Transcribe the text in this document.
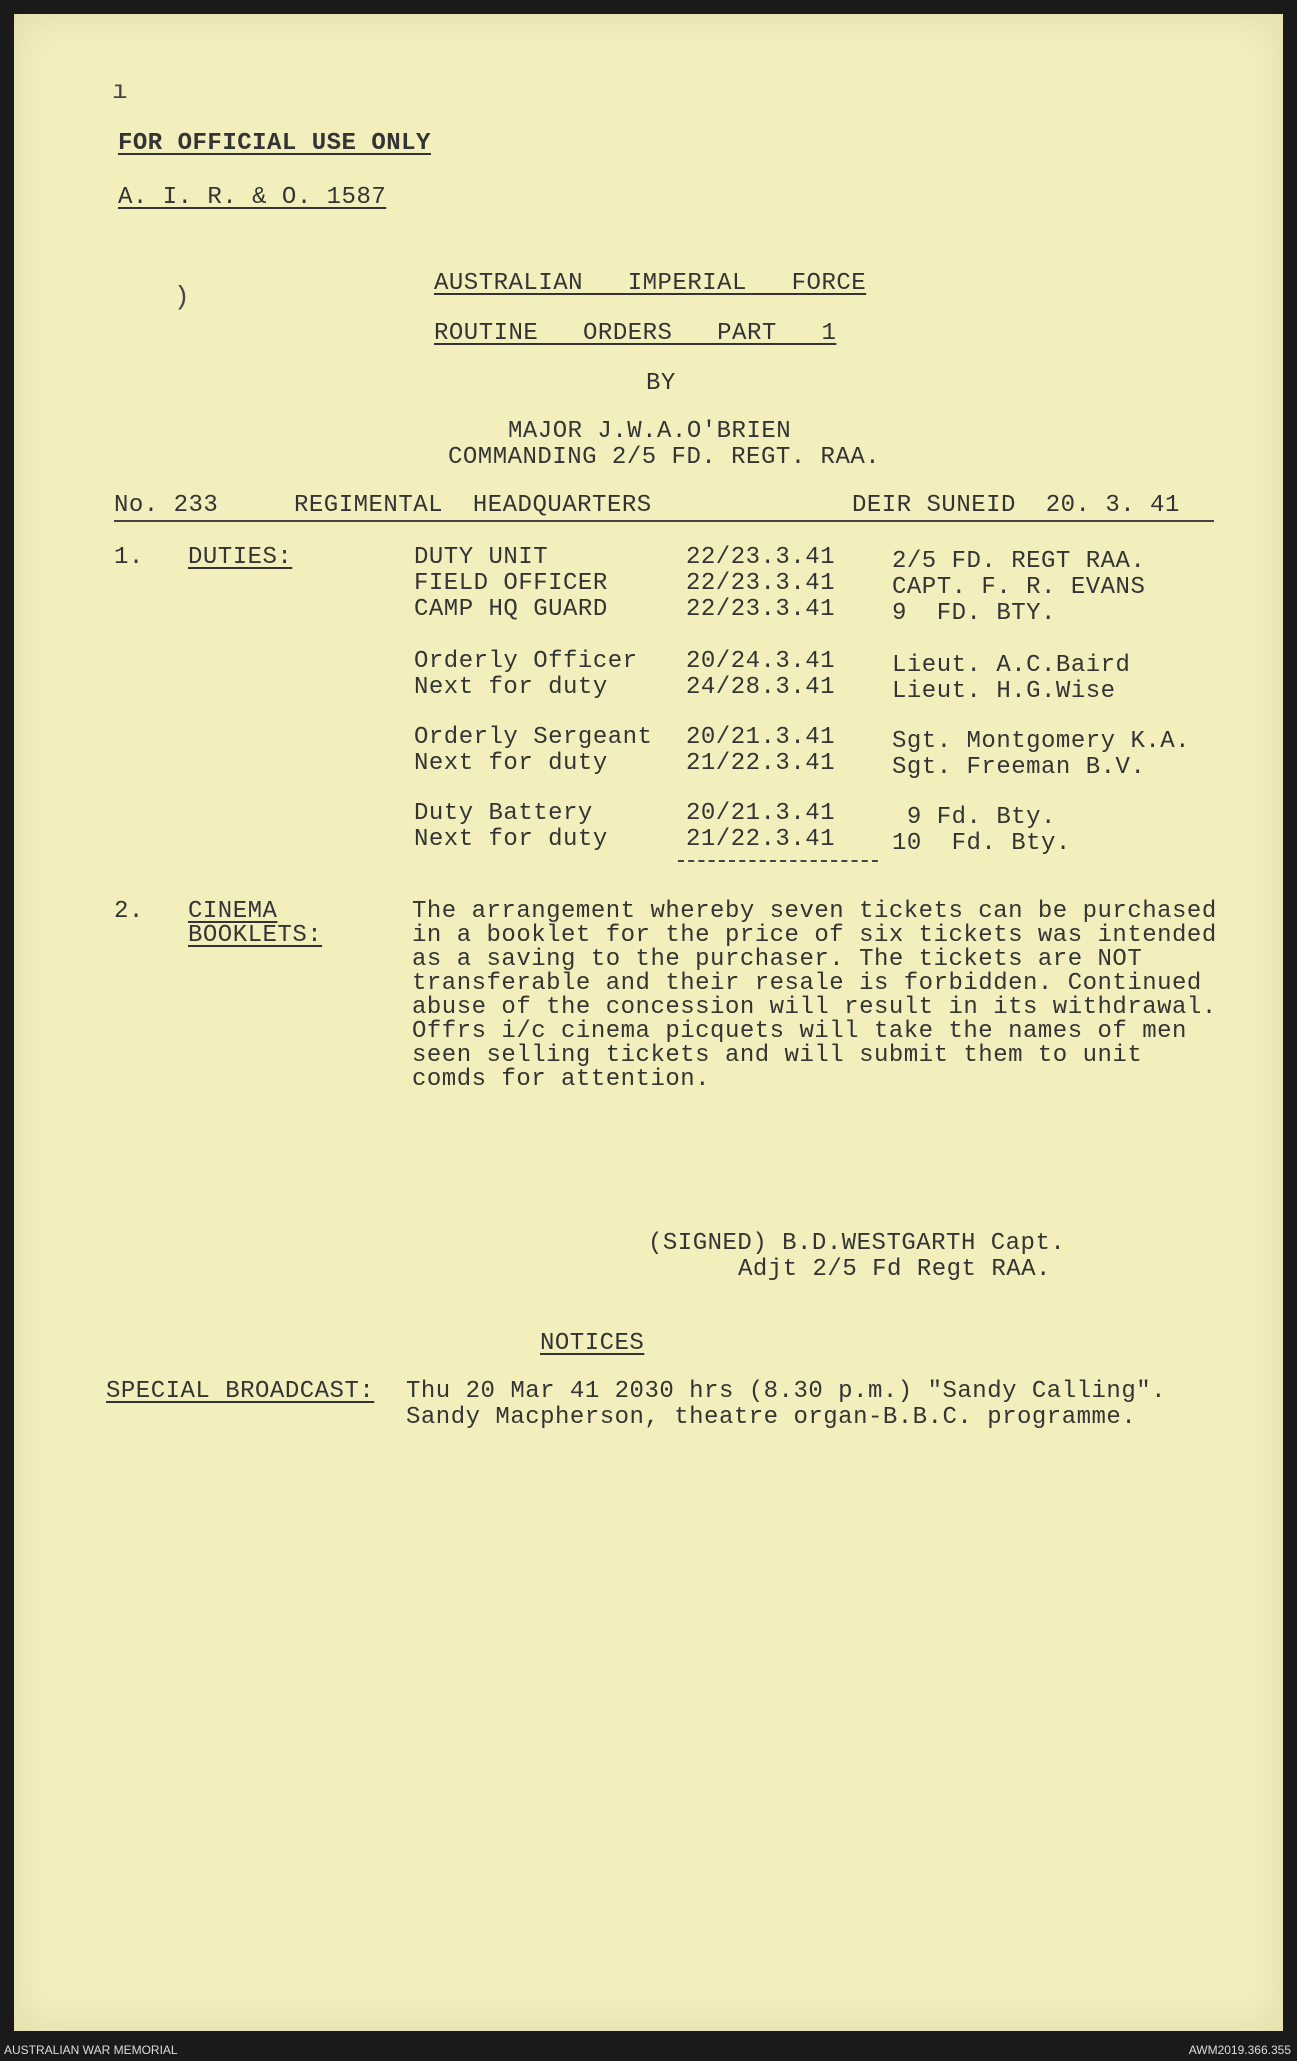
ı
)
FOR OFFICIAL USE ONLY
A. I. R. & O. 1587
AUSTRALIAN   IMPERIAL   FORCE
ROUTINE   ORDERS   PART   1
BY
MAJOR J.W.A.O'BRIEN
COMMANDING 2/5 FD. REGT. RAA.
No. 233	REGIMENTAL  HEADQUARTERS	DEIR SUNEID  20. 3. 41
1. DUTIES:	DUTY UNIT	22/23.3.41 2/5 FD. REGT RAA.
FIELD OFFICER	22/23.3.41 CAPT. F. R. EVANS
CAMP HQ GUARD	22/23.3.41 9  FD. BTY.
Orderly Officer 20/24.3.41 Lieut. A.C.Baird
Next for duty	24/28.3.41 Lieut. H.G.Wise
Orderly Sergeant 20/21.3.41 Sgt. Montgomery K.A.
Next for duty	21/22.3.41 Sgt. Freeman B.V.
Duty Battery	20/21.3.41 9 Fd. Bty.
Next for duty	21/22.3.41 10  Fd. Bty.
2. CINEMA
BOOKLETS:
The arrangement whereby seven tickets can be purchased
in a booklet for the price of six tickets was intended
as a saving to the purchaser. The tickets are NOT
transferable and their resale is forbidden. Continued
abuse of the concession will result in its withdrawal.
Offrs i/c cinema picquets will take the names of men
seen selling tickets and will submit them to unit
comds for attention.
(SIGNED) B.D.WESTGARTH Capt.
Adjt 2/5 Fd Regt RAA.
NOTICES
SPECIAL BROADCAST: Thu 20 Mar 41 2030 hrs (8.30 p.m.) "Sandy Calling".
Sandy Macpherson, theatre organ-B.B.C. programme.
AUSTRALIAN WAR MEMORIAL	AWM2019.366.355
